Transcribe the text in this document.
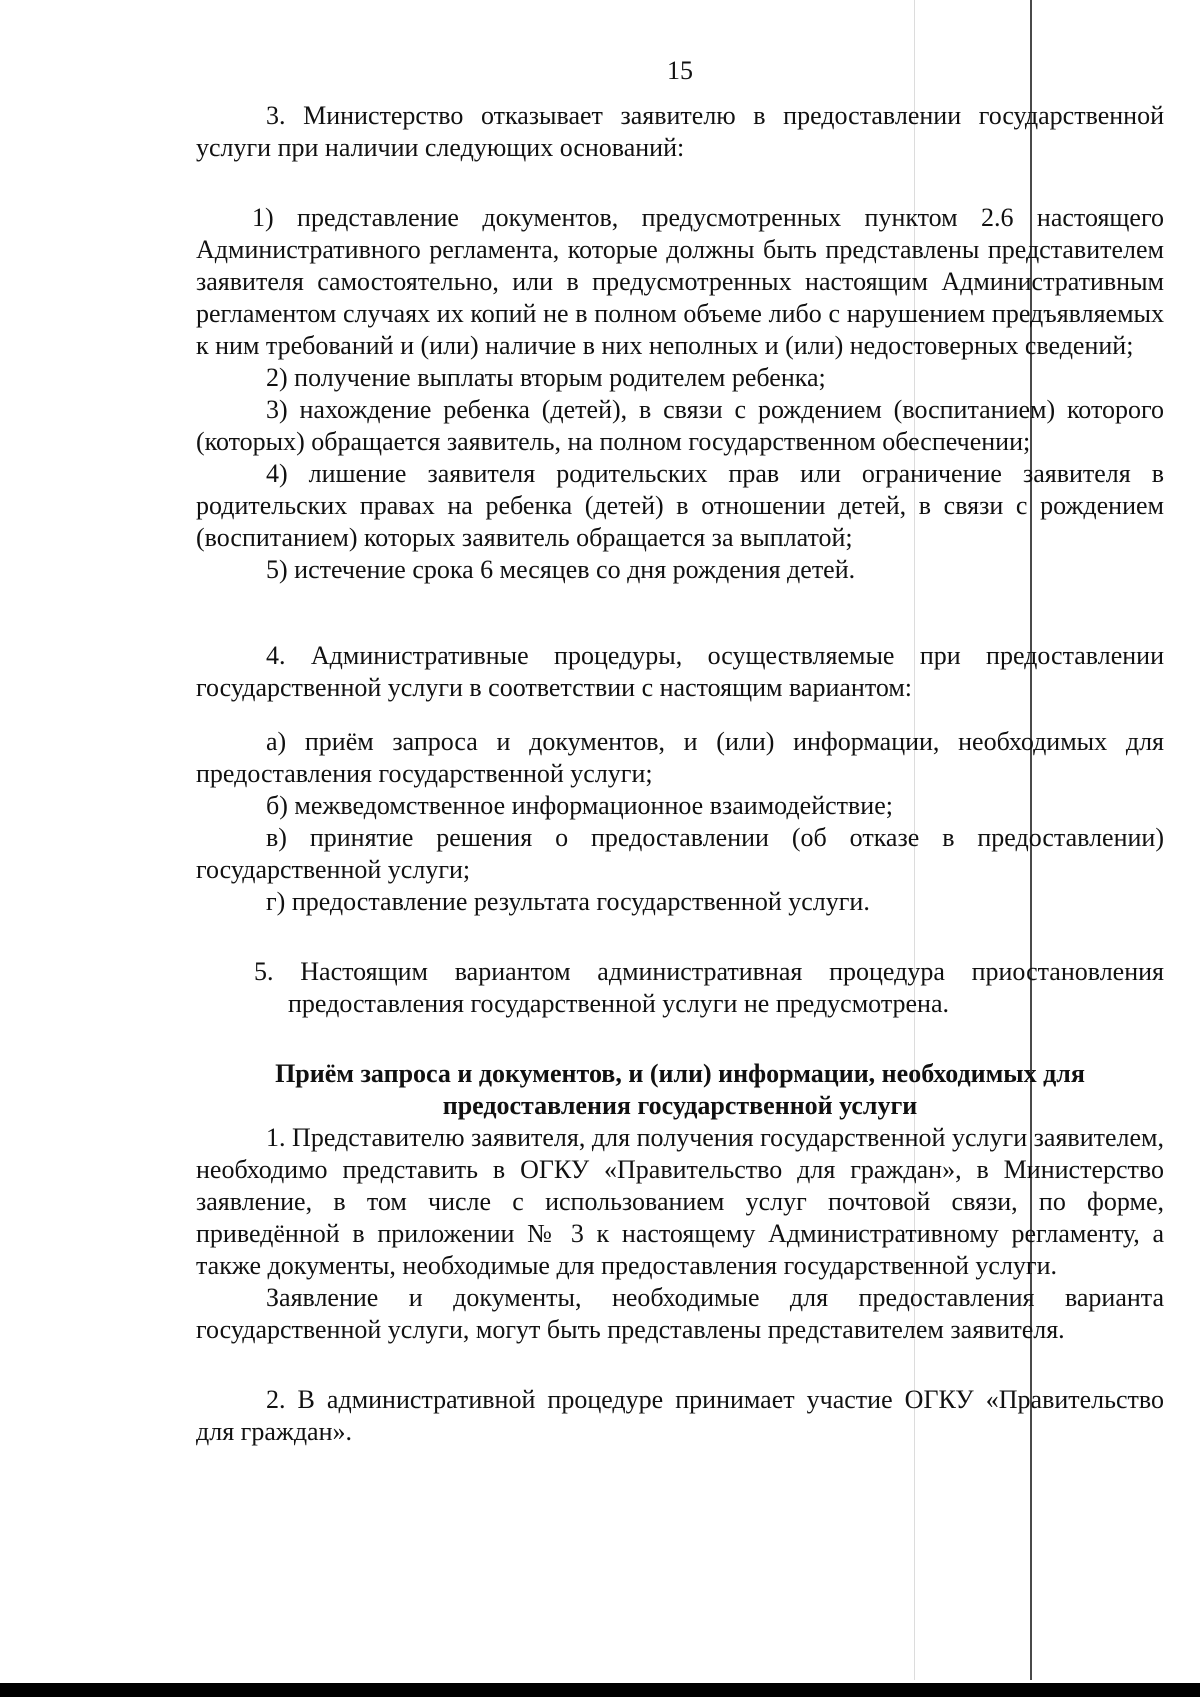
15

3. Министерство отказывает заявителю в предоставлении государственной услуги при наличии следующих оснований:

1) представление документов, предусмотренных пунктом 2.6 настоящего Административного регламента, которые должны быть представлены представителем заявителя самостоятельно, или в предусмотренных настоящим Административным регламентом случаях их копий не в полном объеме либо с нарушением предъявляемых к ним требований и (или) наличие в них неполных и (или) недостоверных сведений;

2) получение выплаты вторым родителем ребенка;

3) нахождение ребенка (детей), в связи с рождением (воспитанием) которого (которых) обращается заявитель, на полном государственном обеспечении;

4) лишение заявителя родительских прав или ограничение заявителя в родительских правах на ребенка (детей) в отношении детей, в связи с рождением (воспитанием) которых заявитель обращается за выплатой;

5) истечение срока 6 месяцев со дня рождения детей.

4. Административные процедуры, осуществляемые при предоставлении государственной услуги в соответствии с настоящим вариантом:

а) приём запроса и документов, и (или) информации, необходимых для предоставления государственной услуги;

б) межведомственное информационное взаимодействие;

в) принятие решения о предоставлении (об отказе в предоставлении) государственной услуги;

г) предоставление результата государственной услуги.

5. Настоящим вариантом административная процедура приостановления предоставления государственной услуги не предусмотрена.

Приём запроса и документов, и (или) информации, необходимых для предоставления государственной услуги

1. Представителю заявителя, для получения государственной услуги заявителем, необходимо представить в ОГКУ «Правительство для граждан», в Министерство заявление, в том числе с использованием услуг почтовой связи, по форме, приведённой в приложении № 3 к настоящему Административному регламенту, а также документы, необходимые для предоставления государственной услуги.

Заявление и документы, необходимые для предоставления варианта государственной услуги, могут быть представлены представителем заявителя.

2. В административной процедуре принимает участие ОГКУ «Правительство для граждан».
